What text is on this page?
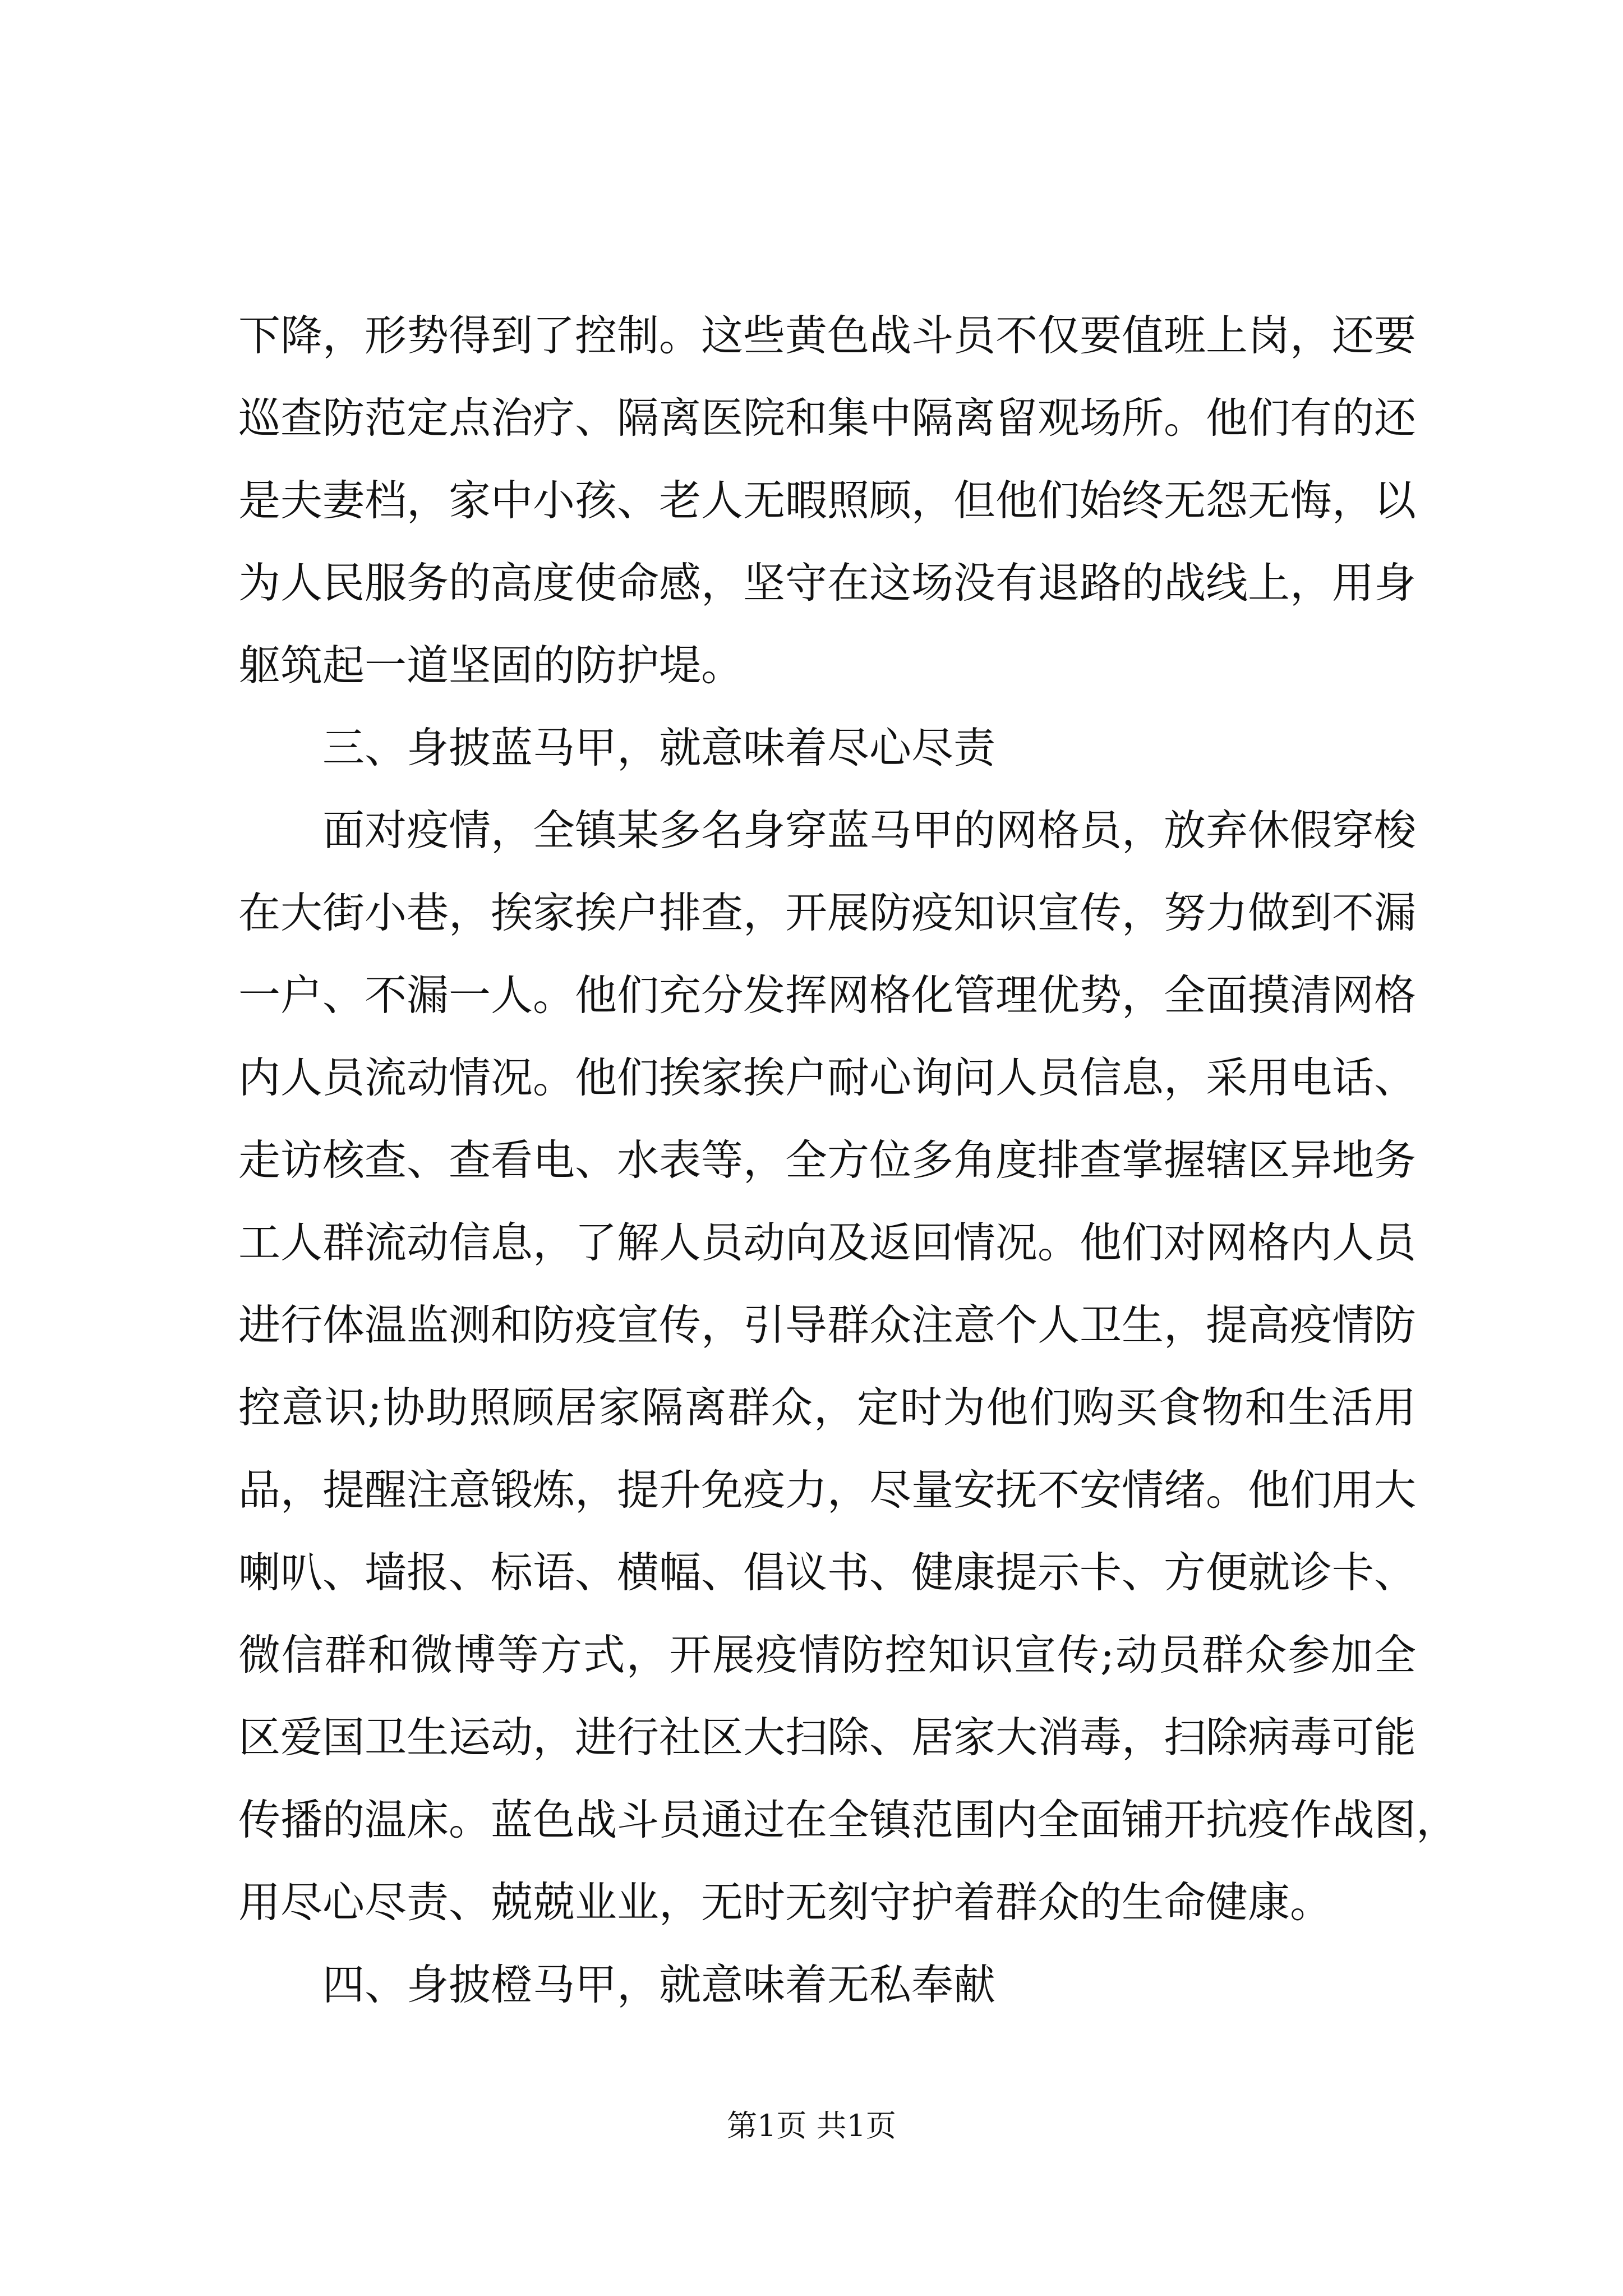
下降，形势得到了控制。这些黄色战斗员不仅要值班上岗，还要
巡查防范定点治疗、隔离医院和集中隔离留观场所。他们有的还
是夫妻档，家中小孩、老人无暇照顾，但他们始终无怨无悔，以
为人民服务的高度使命感，坚守在这场没有退路的战线上，用身
躯筑起一道坚固的防护堤。
三、身披蓝马甲，就意味着尽心尽责
面对疫情，全镇某多名身穿蓝马甲的网格员，放弃休假穿梭
在大街小巷，挨家挨户排查，开展防疫知识宣传，努力做到不漏
一户、不漏一人。他们充分发挥网格化管理优势，全面摸清网格
内人员流动情况。他们挨家挨户耐心询问人员信息，采用电话、
走访核查、查看电、水表等，全方位多角度排查掌握辖区异地务
工人群流动信息，了解人员动向及返回情况。他们对网格内人员
进行体温监测和防疫宣传，引导群众注意个人卫生，提高疫情防
控意识;协助照顾居家隔离群众，定时为他们购买食物和生活用
品，提醒注意锻炼，提升免疫力，尽量安抚不安情绪。他们用大
喇叭、墙报、标语、横幅、倡议书、健康提示卡、方便就诊卡、
微信群和微博等方式，开展疫情防控知识宣传;动员群众参加全
区爱国卫生运动，进行社区大扫除、居家大消毒，扫除病毒可能
传播的温床。蓝色战斗员通过在全镇范围内全面铺开抗疫作战图，
用尽心尽责、兢兢业业，无时无刻守护着群众的生命健康。
四、身披橙马甲，就意味着无私奉献
第1页 共1页
